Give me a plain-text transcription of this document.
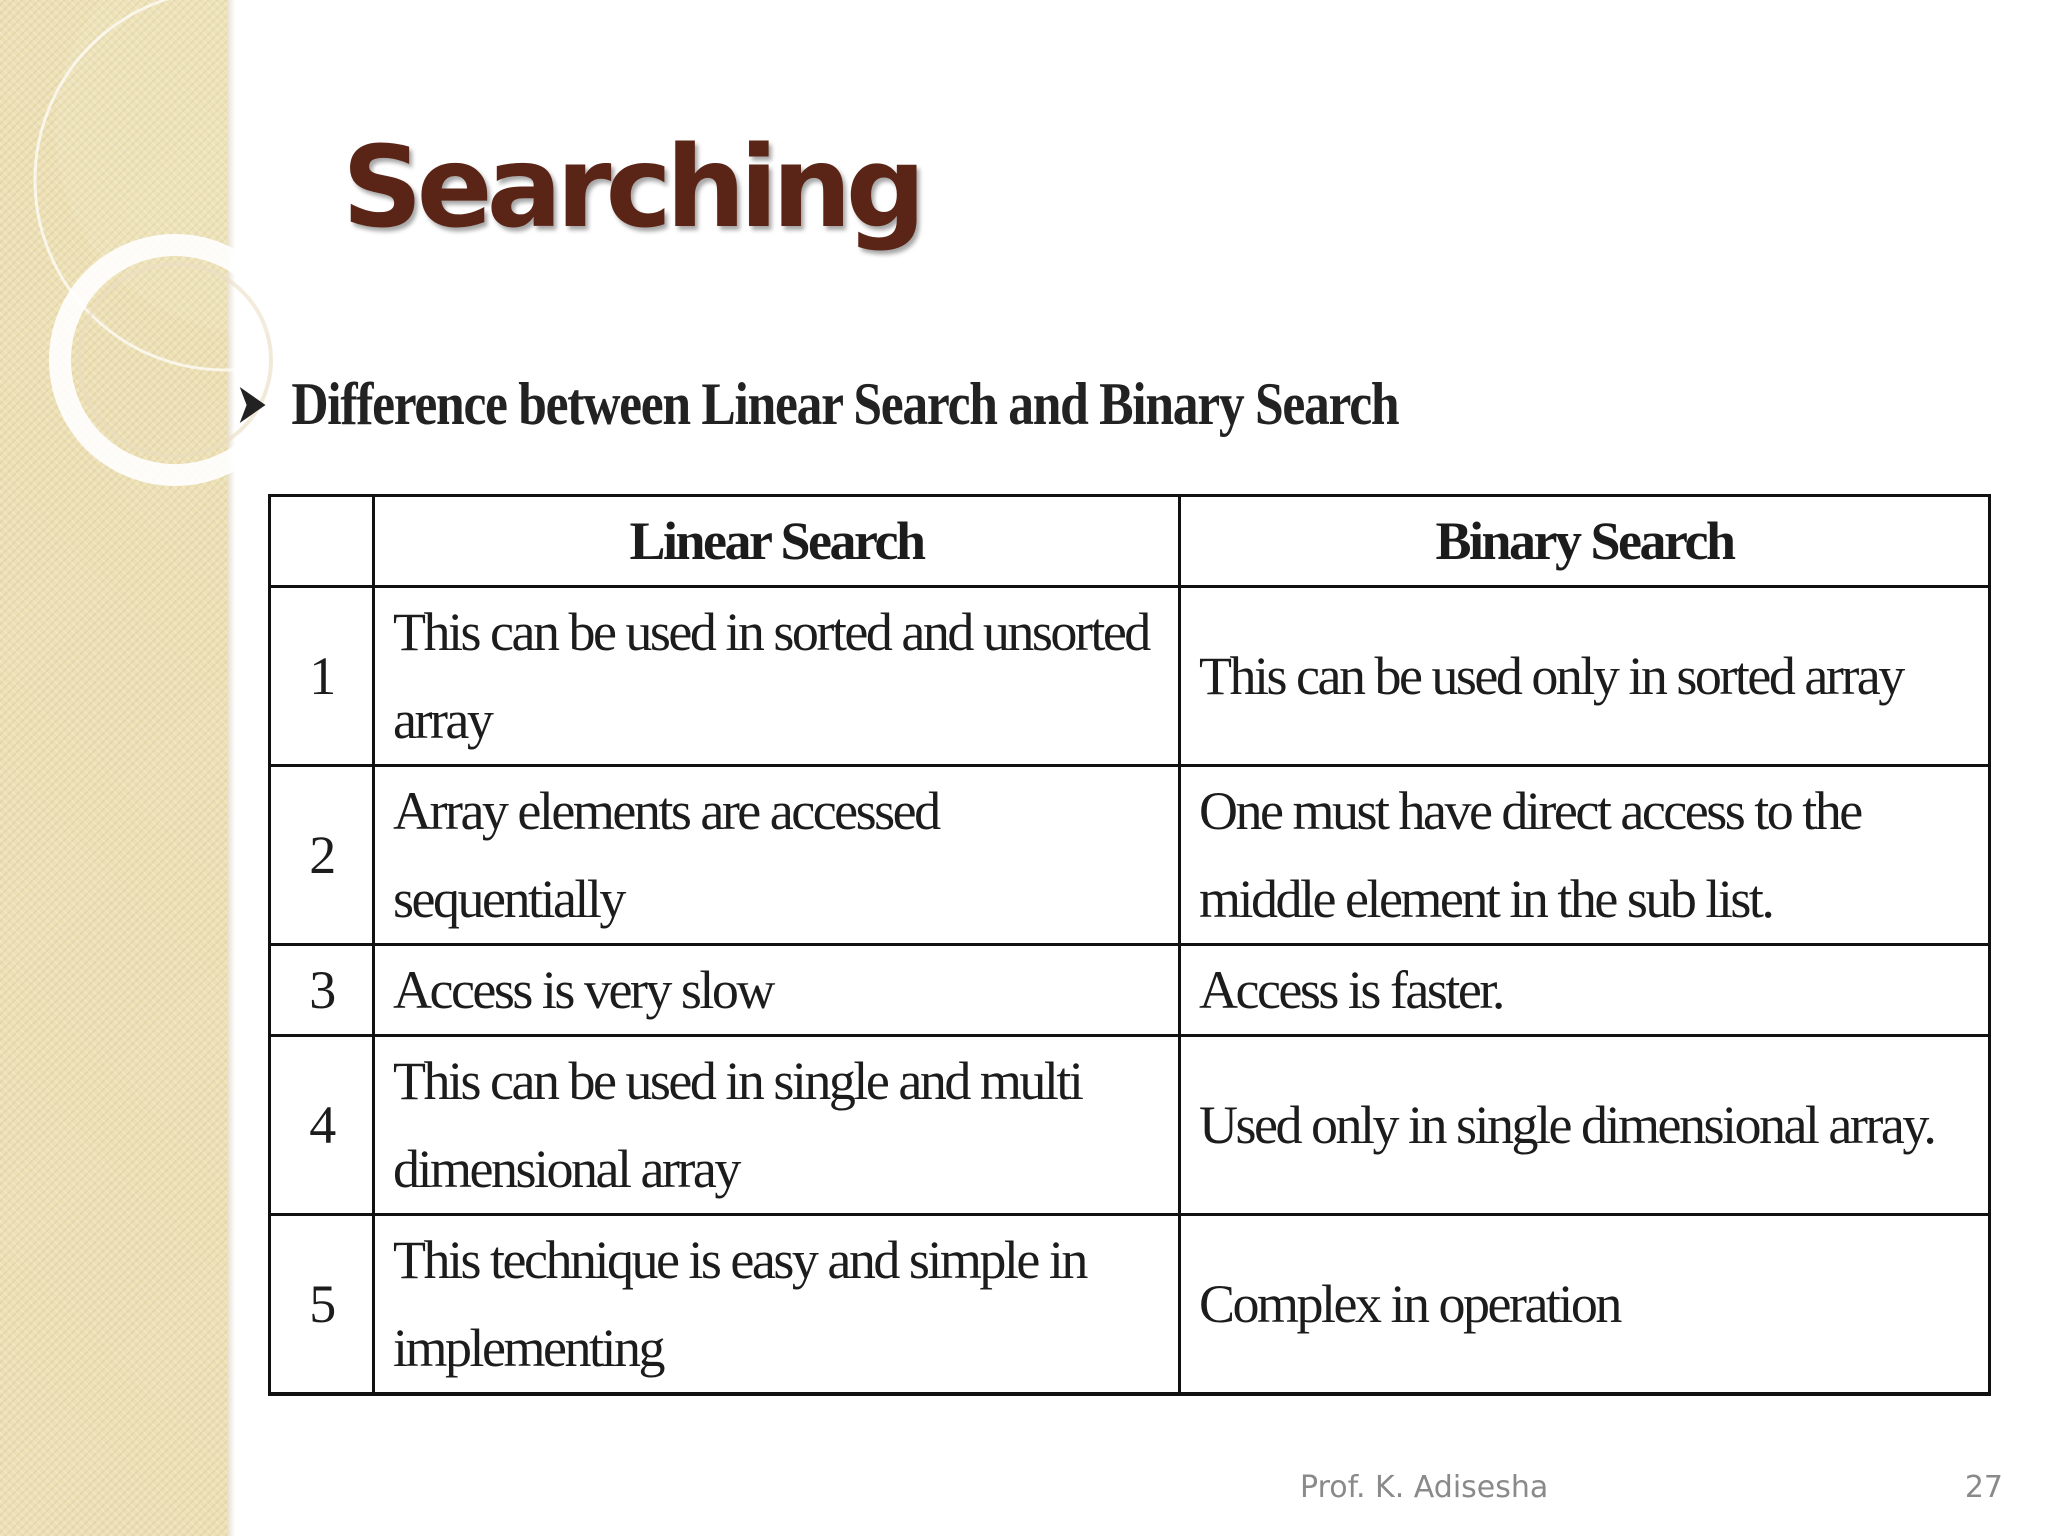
Searching
Difference between Linear Search and Binary Search
	Linear Search	Binary Search
1	This can be used in sorted and unsorted array	This can be used only in sorted array
2	Array elements are accessed sequentially	One must have direct access to the middle element in the sub list.
3	Access is very slow	Access is faster.
4	This can be used in single and multi dimensional array	Used only in single dimensional array.
5	This technique is easy and simple in implementing	Complex in operation
Prof. K. Adisesha	27
